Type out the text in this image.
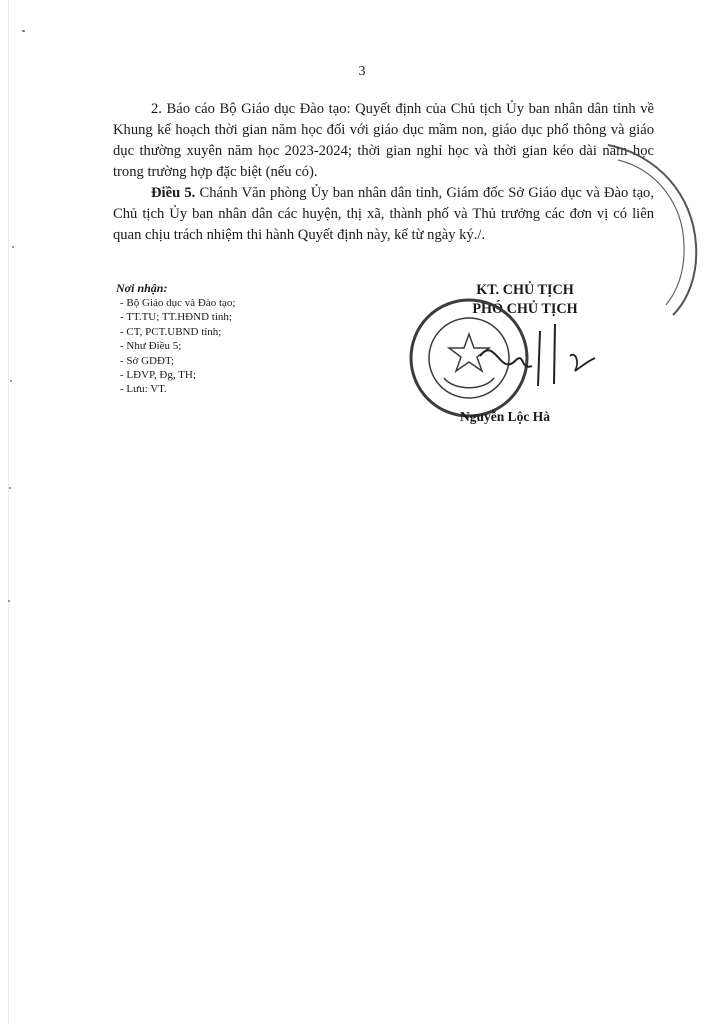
3

2. Báo cáo Bộ Giáo dục Đào tạo: Quyết định của Chủ tịch Ủy ban nhân dân tỉnh về Khung kế hoạch thời gian năm học đối với giáo dục mầm non, giáo dục phổ thông và giáo dục thường xuyên năm học 2023-2024; thời gian nghỉ học và thời gian kéo dài năm học trong trường hợp đặc biệt (nếu có).

Điều 5. Chánh Văn phòng Ủy ban nhân dân tỉnh, Giám đốc Sở Giáo dục và Đào tạo, Chủ tịch Ủy ban nhân dân các huyện, thị xã, thành phố và Thủ trưởng các đơn vị có liên quan chịu trách nhiệm thi hành Quyết định này, kể từ ngày ký./.

Nơi nhận:
- Bộ Giáo dục và Đào tạo;
- TT.TU; TT.HĐND tỉnh;
- CT, PCT.UBND tỉnh;
- Như Điều 5;
- Sở GDĐT;
- LĐVP, Đg, TH;
- Lưu: VT.
KT. CHỦ TỊCH
PHÓ CHỦ TỊCH
Nguyễn Lộc Hà
